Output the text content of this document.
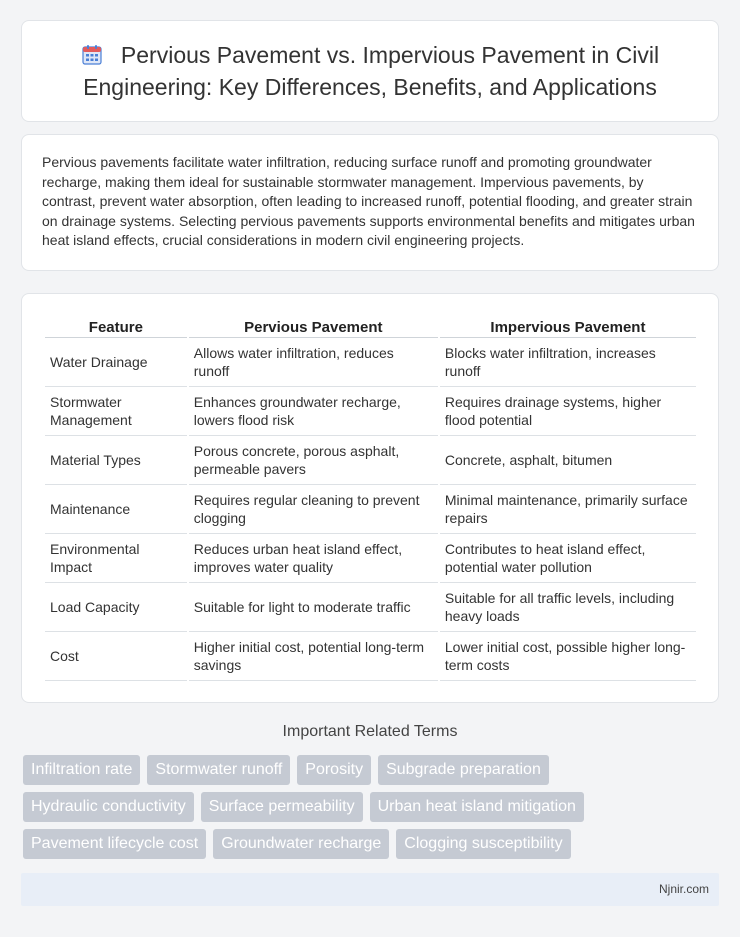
Pervious Pavement vs. Impervious Pavement in Civil Engineering: Key Differences, Benefits, and Applications

Pervious pavements facilitate water infiltration, reducing surface runoff and promoting groundwater recharge, making them ideal for sustainable stormwater management. Impervious pavements, by contrast, prevent water absorption, often leading to increased runoff, potential flooding, and greater strain on drainage systems. Selecting pervious pavements supports environmental benefits and mitigates urban heat island effects, crucial considerations in modern civil engineering projects.

Feature	Pervious Pavement	Impervious Pavement
Water Drainage	Allows water infiltration, reduces runoff	Blocks water infiltration, increases runoff
Stormwater Management	Enhances groundwater recharge, lowers flood risk	Requires drainage systems, higher flood potential
Material Types	Porous concrete, porous asphalt, permeable pavers	Concrete, asphalt, bitumen
Maintenance	Requires regular cleaning to prevent clogging	Minimal maintenance, primarily surface repairs
Environmental Impact	Reduces urban heat island effect, improves water quality	Contributes to heat island effect, potential water pollution
Load Capacity	Suitable for light to moderate traffic	Suitable for all traffic levels, including heavy loads
Cost	Higher initial cost, potential long-term savings	Lower initial cost, possible higher long-term costs
Important Related Terms
Infiltration rate	Stormwater runoff	Porosity	Subgrade preparation
Hydraulic conductivity	Surface permeability	Urban heat island mitigation
Pavement lifecycle cost	Groundwater recharge	Clogging susceptibility
Njnir.com
